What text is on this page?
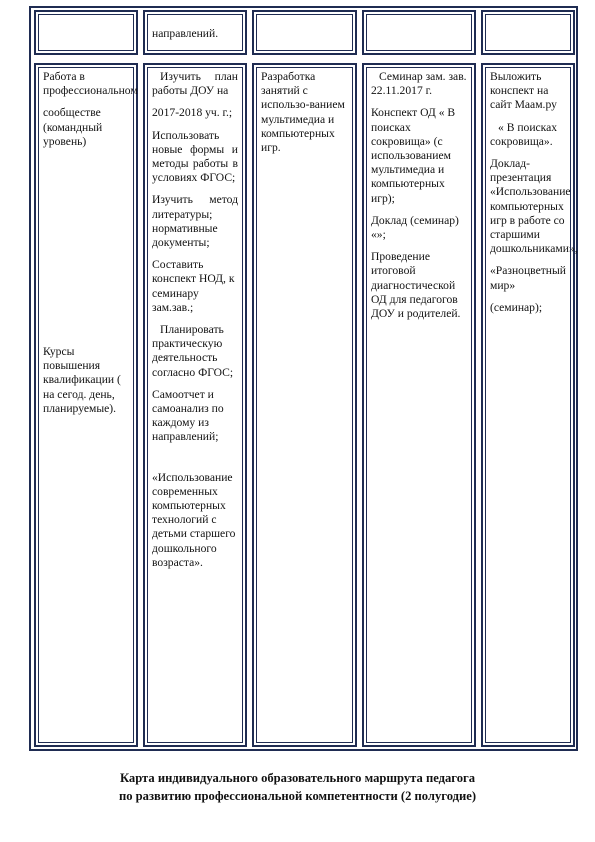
направлений.

Работа в профессиональном

сообществе (командный уровень)

Курсы повышения квалификации ( на сегод. день, планируемые).

Изучить план работы ДОУ на

2017-2018 уч. г.;

Использовать новые формы и методы работы в условиях ФГОС;

Изучить метод литературы; нормативные документы;

Составить конспект НОД, к семинару зам.зав.;

Планировать практическую деятельность согласно ФГОС;

Самоотчет и самоанализ по каждому из направлений;

«Использование современных компьютерных технологий с детьми старшего дошкольного возраста».

Разработка занятий с использо-ванием мультимедиа и компьютерных игр.

Семинар зам. зав. 22.11.2017 г.

Конспект ОД « В поисках сокровища» (с использованием мультимедиа и компьютерных игр);

Доклад (семинар) «»;

Проведение итоговой диагностической ОД для педагогов ДОУ и родителей.

Выложить конспект на сайт Маам.ру

« В поисках сокровища».

Доклад-презентация «Использование компьютерных игр в работе со старшими дошкольниками»,

«Разноцветный мир»

(семинар);

Карта индивидуального образовательного маршрута педагога
по развитию профессиональной компетентности (2 полугодие)
